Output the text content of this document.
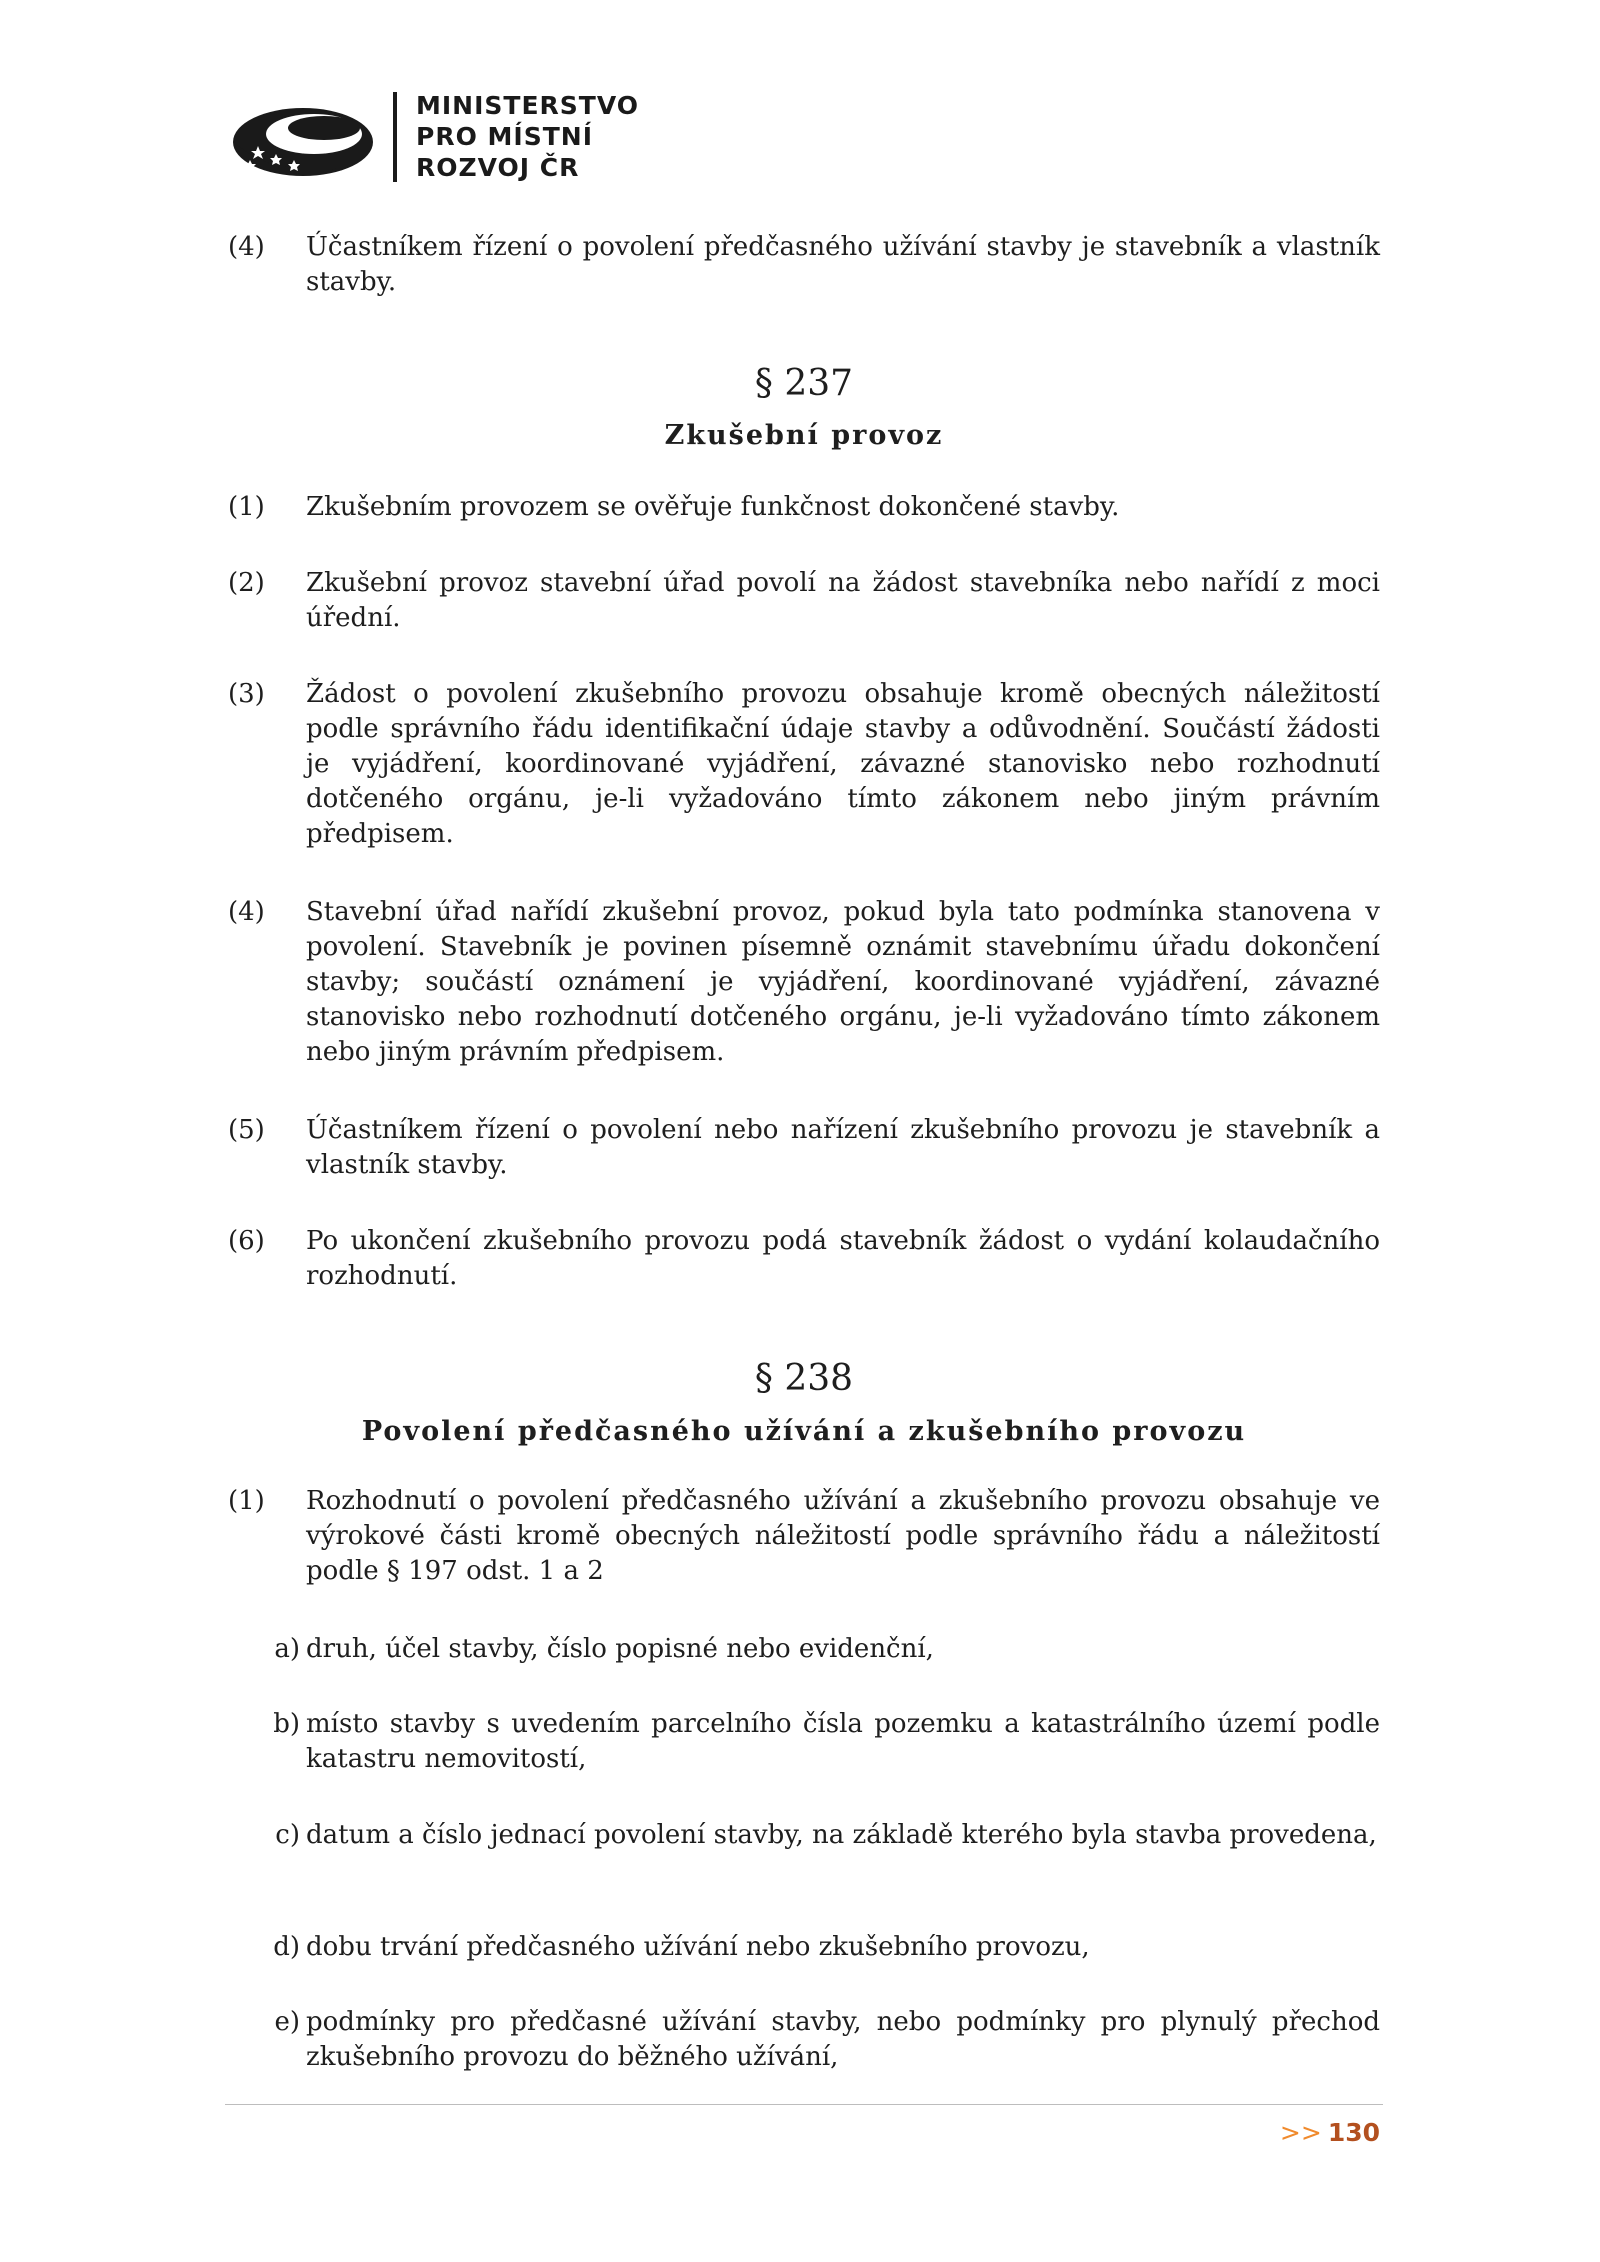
MINISTERSTVO
PRO MÍSTNÍ
ROZVOJ ČR
(4) Účastníkem řízení o povolení předčasného užívání stavby je stavebník a vlastník stavby.
§ 237
Zkušební provoz
(1) Zkušebním provozem se ověřuje funkčnost dokončené stavby.
(2) Zkušební provoz stavební úřad povolí na žádost stavebníka nebo nařídí z moci úřední.
(3) Žádost o povolení zkušebního provozu obsahuje kromě obecných náležitostí podle správního řádu identifikační údaje stavby a odůvodnění. Součástí žádosti je vyjádření, koordinované vyjádření, závazné stanovisko nebo rozhodnutí dotčeného orgánu, je-li vyžadováno tímto zákonem nebo jiným právním předpisem.
(4) Stavební úřad nařídí zkušební provoz, pokud byla tato podmínka stanovena v povolení. Stavebník je povinen písemně oznámit stavebnímu úřadu dokončení stavby; součástí oznámení je vyjádření, koordinované vyjádření, závazné stanovisko nebo rozhodnutí dotčeného orgánu, je-li vyžadováno tímto zákonem nebo jiným právním předpisem.
(5) Účastníkem řízení o povolení nebo nařízení zkušebního provozu je stavebník a vlastník stavby.
(6) Po ukončení zkušebního provozu podá stavebník žádost o vydání kolaudačního rozhodnutí.
§ 238
Povolení předčasného užívání a zkušebního provozu
(1) Rozhodnutí o povolení předčasného užívání a zkušebního provozu obsahuje ve výrokové části kromě obecných náležitostí podle správního řádu a náležitostí podle § 197 odst. 1 a 2
a) druh, účel stavby, číslo popisné nebo evidenční,
b) místo stavby s uvedením parcelního čísla pozemku a katastrálního území podle katastru nemovitostí,
c) datum a číslo jednací povolení stavby, na základě kterého byla stavba provedena,
d) dobu trvání předčasného užívání nebo zkušebního provozu,
e) podmínky pro předčasné užívání stavby, nebo podmínky pro plynulý přechod zkušebního provozu do běžného užívání,
>> 130
